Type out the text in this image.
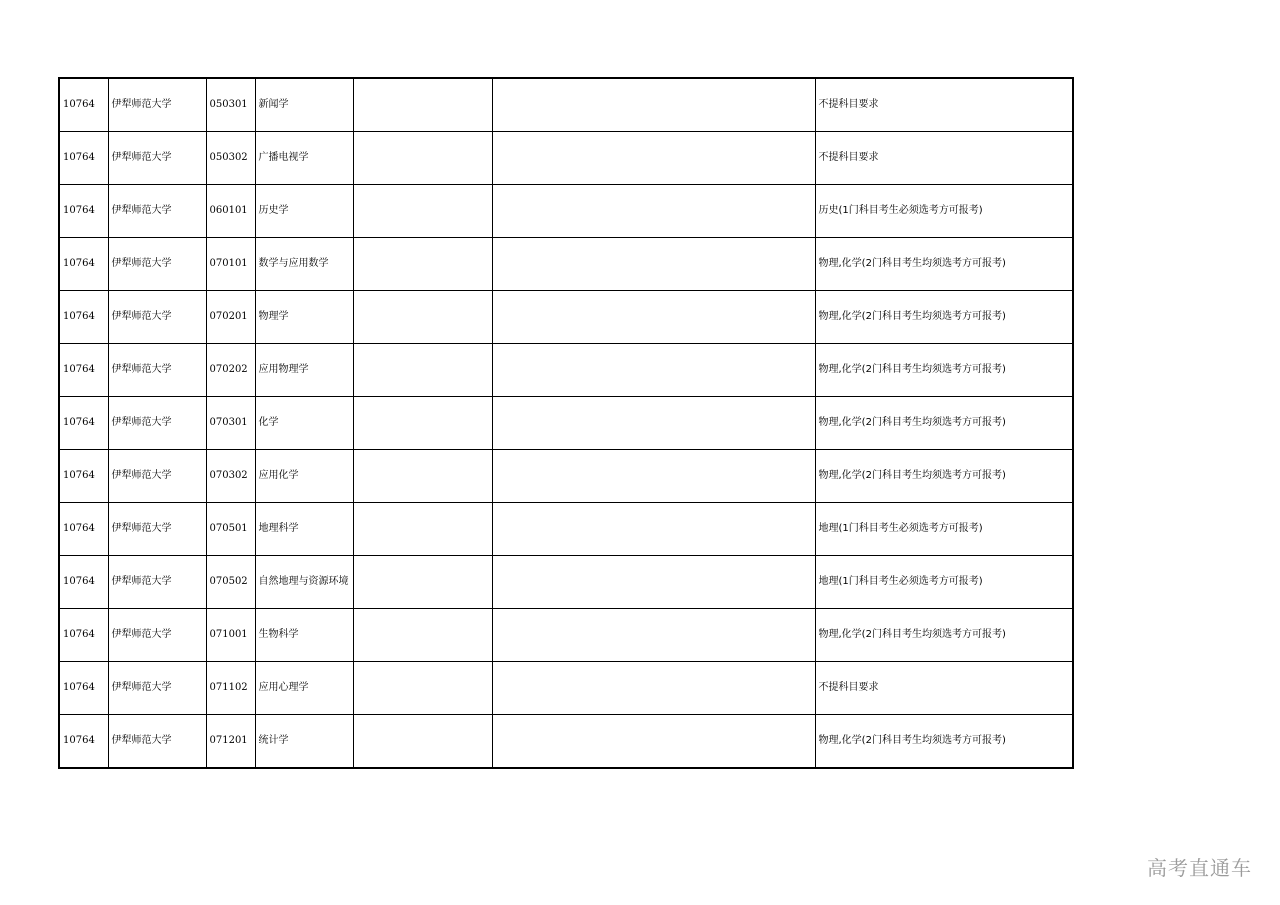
10764	伊犁师范大学	050301	新闻学			不提科目要求
10764	伊犁师范大学	050302	广播电视学			不提科目要求
10764	伊犁师范大学	060101	历史学			历史(1门科目考生必须选考方可报考)
10764	伊犁师范大学	070101	数学与应用数学			物理,化学(2门科目考生均须选考方可报考)
10764	伊犁师范大学	070201	物理学			物理,化学(2门科目考生均须选考方可报考)
10764	伊犁师范大学	070202	应用物理学			物理,化学(2门科目考生均须选考方可报考)
10764	伊犁师范大学	070301	化学			物理,化学(2门科目考生均须选考方可报考)
10764	伊犁师范大学	070302	应用化学			物理,化学(2门科目考生均须选考方可报考)
10764	伊犁师范大学	070501	地理科学			地理(1门科目考生必须选考方可报考)
10764	伊犁师范大学	070502	自然地理与资源环境			地理(1门科目考生必须选考方可报考)
10764	伊犁师范大学	071001	生物科学			物理,化学(2门科目考生均须选考方可报考)
10764	伊犁师范大学	071102	应用心理学			不提科目要求
10764	伊犁师范大学	071201	统计学			物理,化学(2门科目考生均须选考方可报考)
高考直通车
